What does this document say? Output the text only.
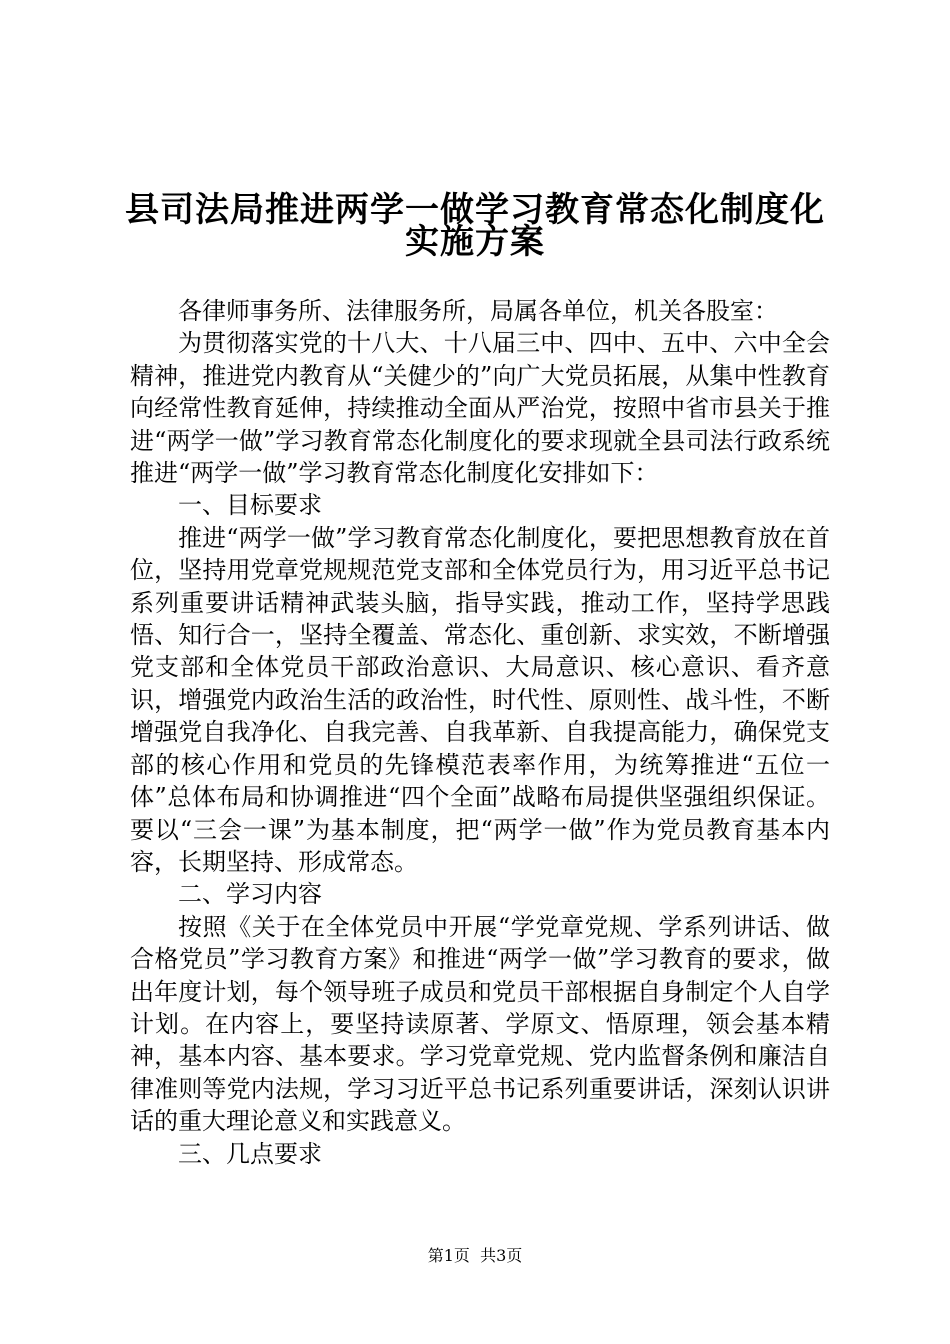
县司法局推进两学一做学习教育常态化制度化
实施方案

各律师事务所、法律服务所，局属各单位，机关各股室：

为贯彻落实党的十八大、十八届三中、四中、五中、六中全会精神，推进党内教育从“关健少的”向广大党员拓展，从集中性教育向经常性教育延伸，持续推动全面从严治党，按照中省市县关于推进“两学一做”学习教育常态化制度化的要求现就全县司法行政系统推进“两学一做”学习教育常态化制度化安排如下：

一、目标要求

推进“两学一做”学习教育常态化制度化，要把思想教育放在首位，坚持用党章党规规范党支部和全体党员行为，用习近平总书记系列重要讲话精神武装头脑，指导实践，推动工作，坚持学思践悟、知行合一，坚持全覆盖、常态化、重创新、求实效，不断增强党支部和全体党员干部政治意识、大局意识、核心意识、看齐意识，增强党内政治生活的政治性，时代性、原则性、战斗性，不断增强党自我净化、自我完善、自我革新、自我提高能力，确保党支部的核心作用和党员的先锋模范表率作用，为统筹推进“五位一体”总体布局和协调推进“四个全面”战略布局提供坚强组织保证。要以“三会一课”为基本制度，把“两学一做”作为党员教育基本内容，长期坚持、形成常态。

二、学习内容

按照《关于在全体党员中开展“学党章党规、学系列讲话、做合格党员”学习教育方案》和推进“两学一做”学习教育的要求，做出年度计划，每个领导班子成员和党员干部根据自身制定个人自学计划。在内容上，要坚持读原著、学原文、悟原理，领会基本精神，基本内容、基本要求。学习党章党规、党内监督条例和廉洁自律准则等党内法规，学习习近平总书记系列重要讲话，深刻认识讲话的重大理论意义和实践意义。

三、几点要求

第1页  共3页
